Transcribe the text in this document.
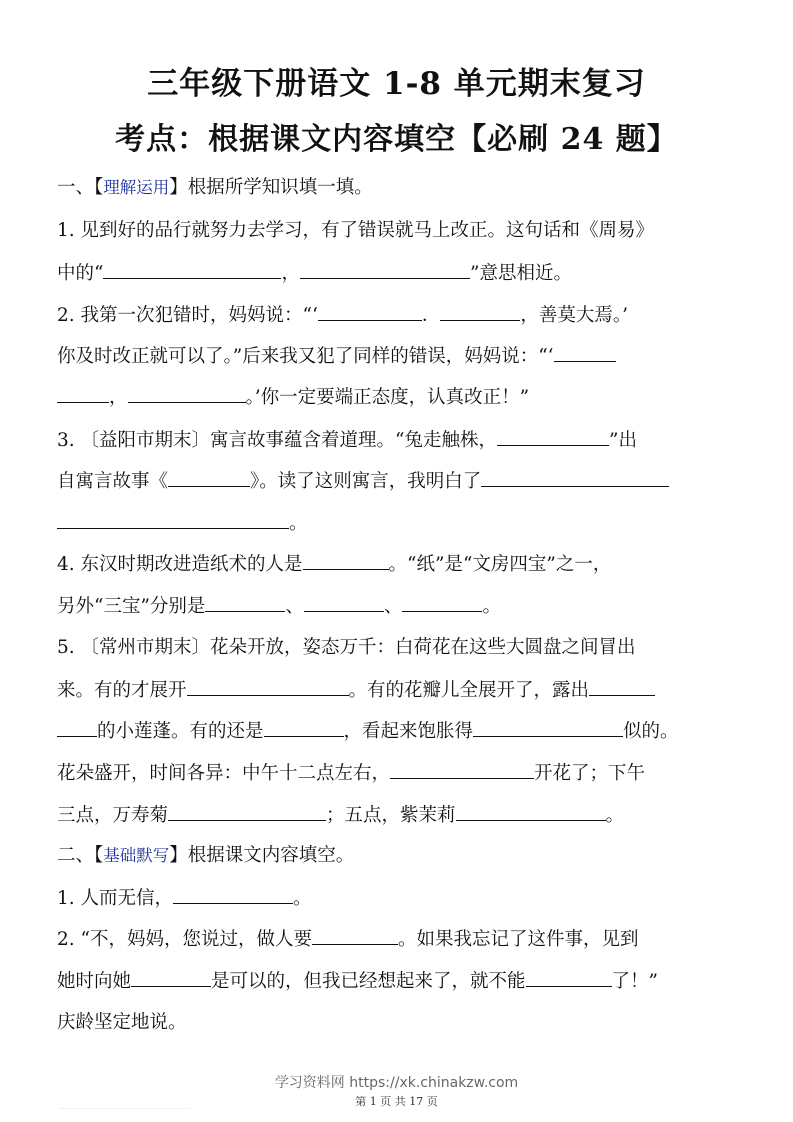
三年级下册语文 1-8 单元期末复习
考点：根据课文内容填空【必刷 24 题】
一、【理解运用】根据所学知识填一填。
1. 见到好的品行就努力去学习，有了错误就马上改正。这句话和《周易》
中的“	，	”意思相近。
2. 我第一次犯错时，妈妈说：“‘	．	，善莫大焉。’
你及时改正就可以了。”后来我又犯了同样的错误，妈妈说：“‘
，	。’你一定要端正态度，认真改正！”
3. 〔益阳市期末〕寓言故事蕴含着道理。“兔走触株，	”出
自寓言故事《	》。读了这则寓言，我明白了
。
4. 东汉时期改进造纸术的人是	。“纸”是“文房四宝”之一，
另外“三宝”分别是	、	、	。
5. 〔常州市期末〕花朵开放，姿态万千：白荷花在这些大圆盘之间冒出
来。有的才展开	。有的花瓣儿全展开了，露出
的小莲蓬。有的还是	，看起来饱胀得	似的。
花朵盛开，时间各异：中午十二点左右，	开花了；下午
三点，万寿菊	；五点，紫茉莉	。
二、【基础默写】根据课文内容填空。
1. 人而无信，	。
2. “不，妈妈，您说过，做人要	。如果我忘记了这件事，见到
她时向她	是可以的，但我已经想起来了，就不能	了！”
庆龄坚定地说。
学习资料网 https://xk.chinakzw.com
第 1 页 共 17 页
